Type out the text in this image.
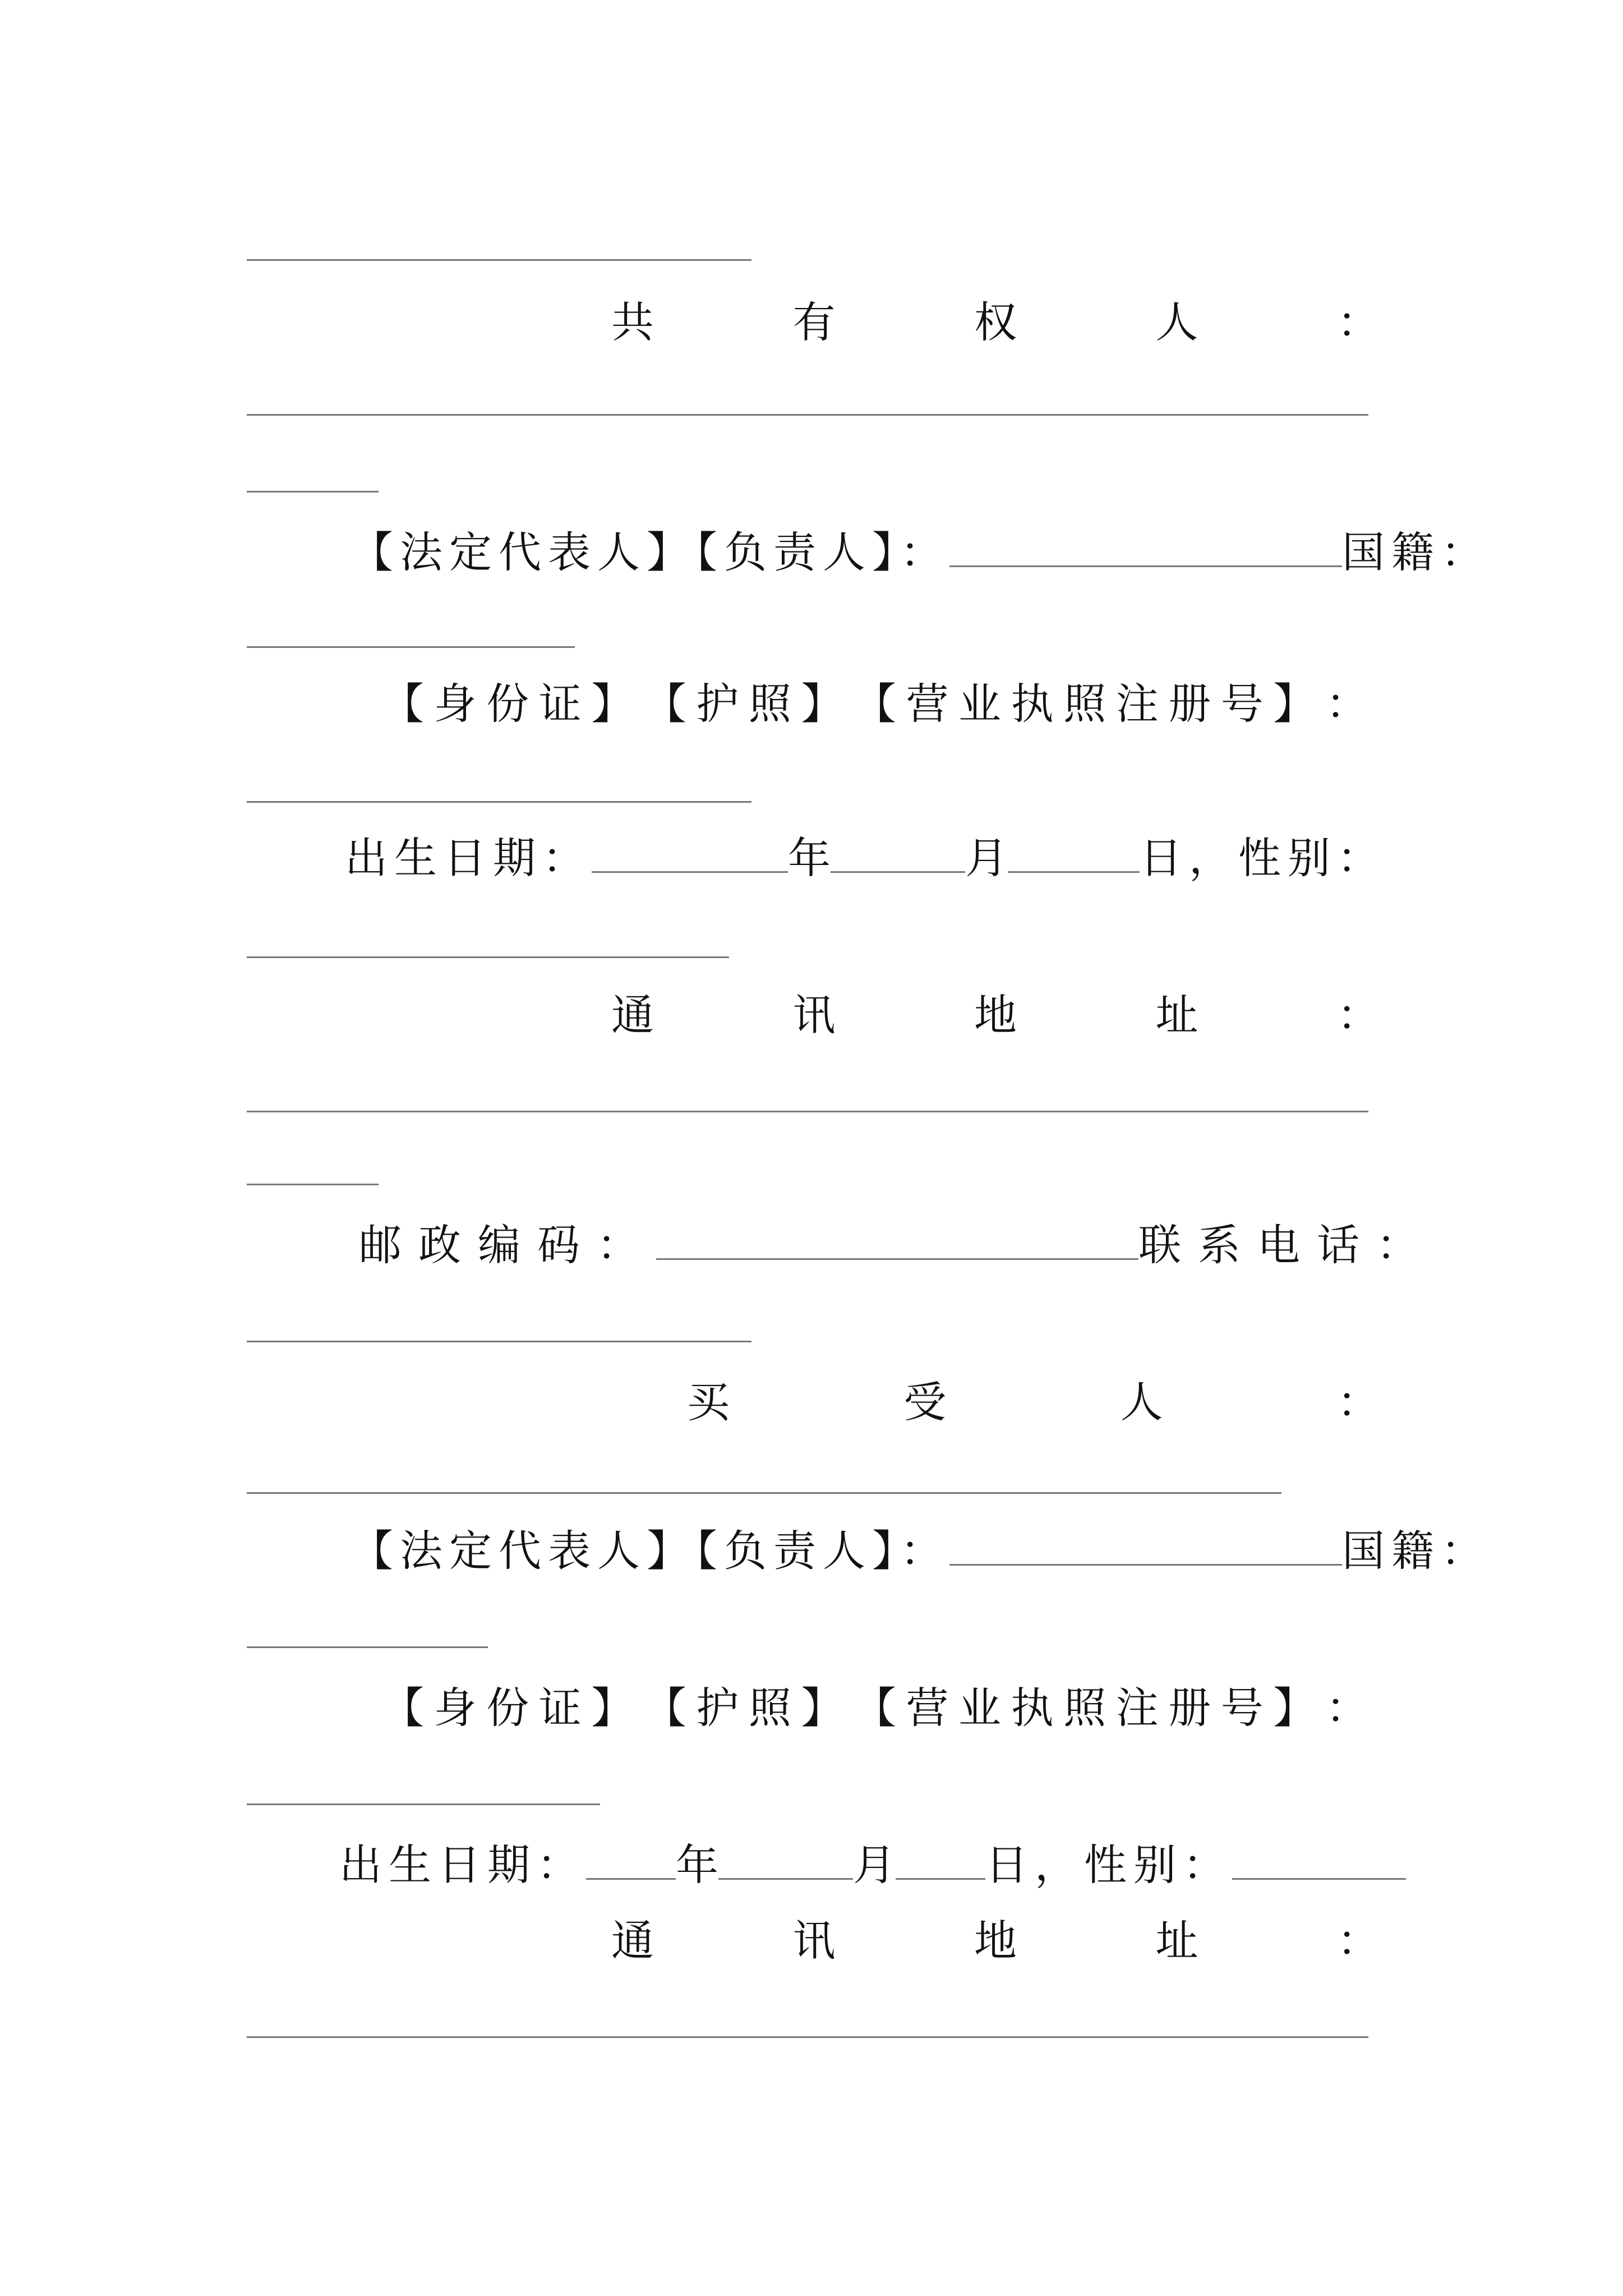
共	有	权	人	：
【法定代表人】【负责人】：	国籍：
【 身 份 证 】 【 护 照 】 【 营 业 执 照 注 册 号 】 ：
出生日期：	年	月	日，性别：
通	讯	地	址	：
邮政编码：	联系电话：
买	受	人	：
【法定代表人】【负责人】：	国籍：
【 身 份 证 】 【 护 照 】 【 营 业 执 照 注 册 号 】 ：
出生日期： 年	月 日，性别：
通	讯	地	址	：
